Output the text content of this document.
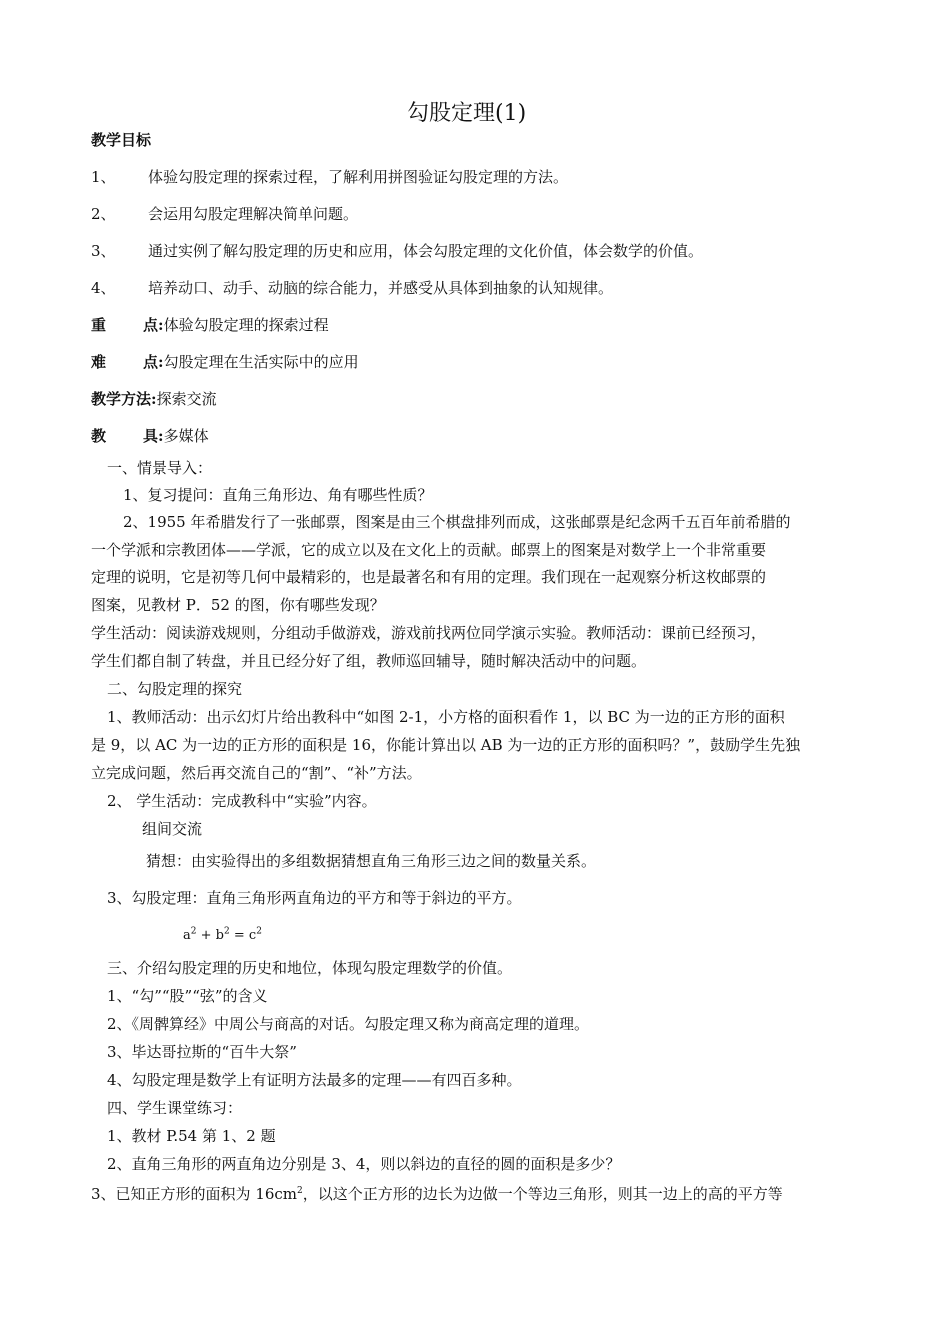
勾股定理(1)
教学目标
1、 体验勾股定理的探索过程，了解利用拼图验证勾股定理的方法。
2、 会运用勾股定理解决简单问题。
3、 通过实例了解勾股定理的历史和应用，体会勾股定理的文化价值，体会数学的价值。
4、 培养动口、动手、动脑的综合能力，并感受从具体到抽象的认知规律。
重 点:体验勾股定理的探索过程
难 点:勾股定理在生活实际中的应用
教学方法:探索交流
教 具:多媒体
一、情景导入：
1、复习提问：直角三角形边、角有哪些性质？
2、1955 年希腊发行了一张邮票，图案是由三个棋盘排列而成，这张邮票是纪念两千五百年前希腊的
一个学派和宗教团体——学派，它的成立以及在文化上的贡献。邮票上的图案是对数学上一个非常重要
定理的说明，它是初等几何中最精彩的，也是最著名和有用的定理。我们现在一起观察分析这枚邮票的
图案，见教材 P．52 的图，你有哪些发现？
学生活动：阅读游戏规则，分组动手做游戏，游戏前找两位同学演示实验。教师活动：课前已经预习，
学生们都自制了转盘，并且已经分好了组，教师巡回辅导，随时解决活动中的问题。
二、勾股定理的探究
1、教师活动：出示幻灯片给出教科中“如图 2-1，小方格的面积看作 1，以 BC 为一边的正方形的面积
是 9，以 AC 为一边的正方形的面积是 16，你能计算出以 AB 为一边的正方形的面积吗？”，鼓励学生先独
立完成问题，然后再交流自己的“割”、“补”方法。
2、 学生活动：完成教科中“实验”内容。
组间交流
猜想：由实验得出的多组数据猜想直角三角形三边之间的数量关系。
3、勾股定理：直角三角形两直角边的平方和等于斜边的平方。
$a^2 + b^2 = c^2$
三、介绍勾股定理的历史和地位，体现勾股定理数学的价值。
1、“勾”“股”“弦”的含义
2、《周髀算经》中周公与商高的对话。勾股定理又称为商高定理的道理。
3、毕达哥拉斯的“百牛大祭”
4、勾股定理是数学上有证明方法最多的定理——有四百多种。
四、学生课堂练习：
1、教材 P.54 第 1、2 题
2、直角三角形的两直角边分别是 3、4，则以斜边的直径的圆的面积是多少？
3、已知正方形的面积为 $16cm^2$，以这个正方形的边长为边做一个等边三角形，则其一边上的高的平方等
